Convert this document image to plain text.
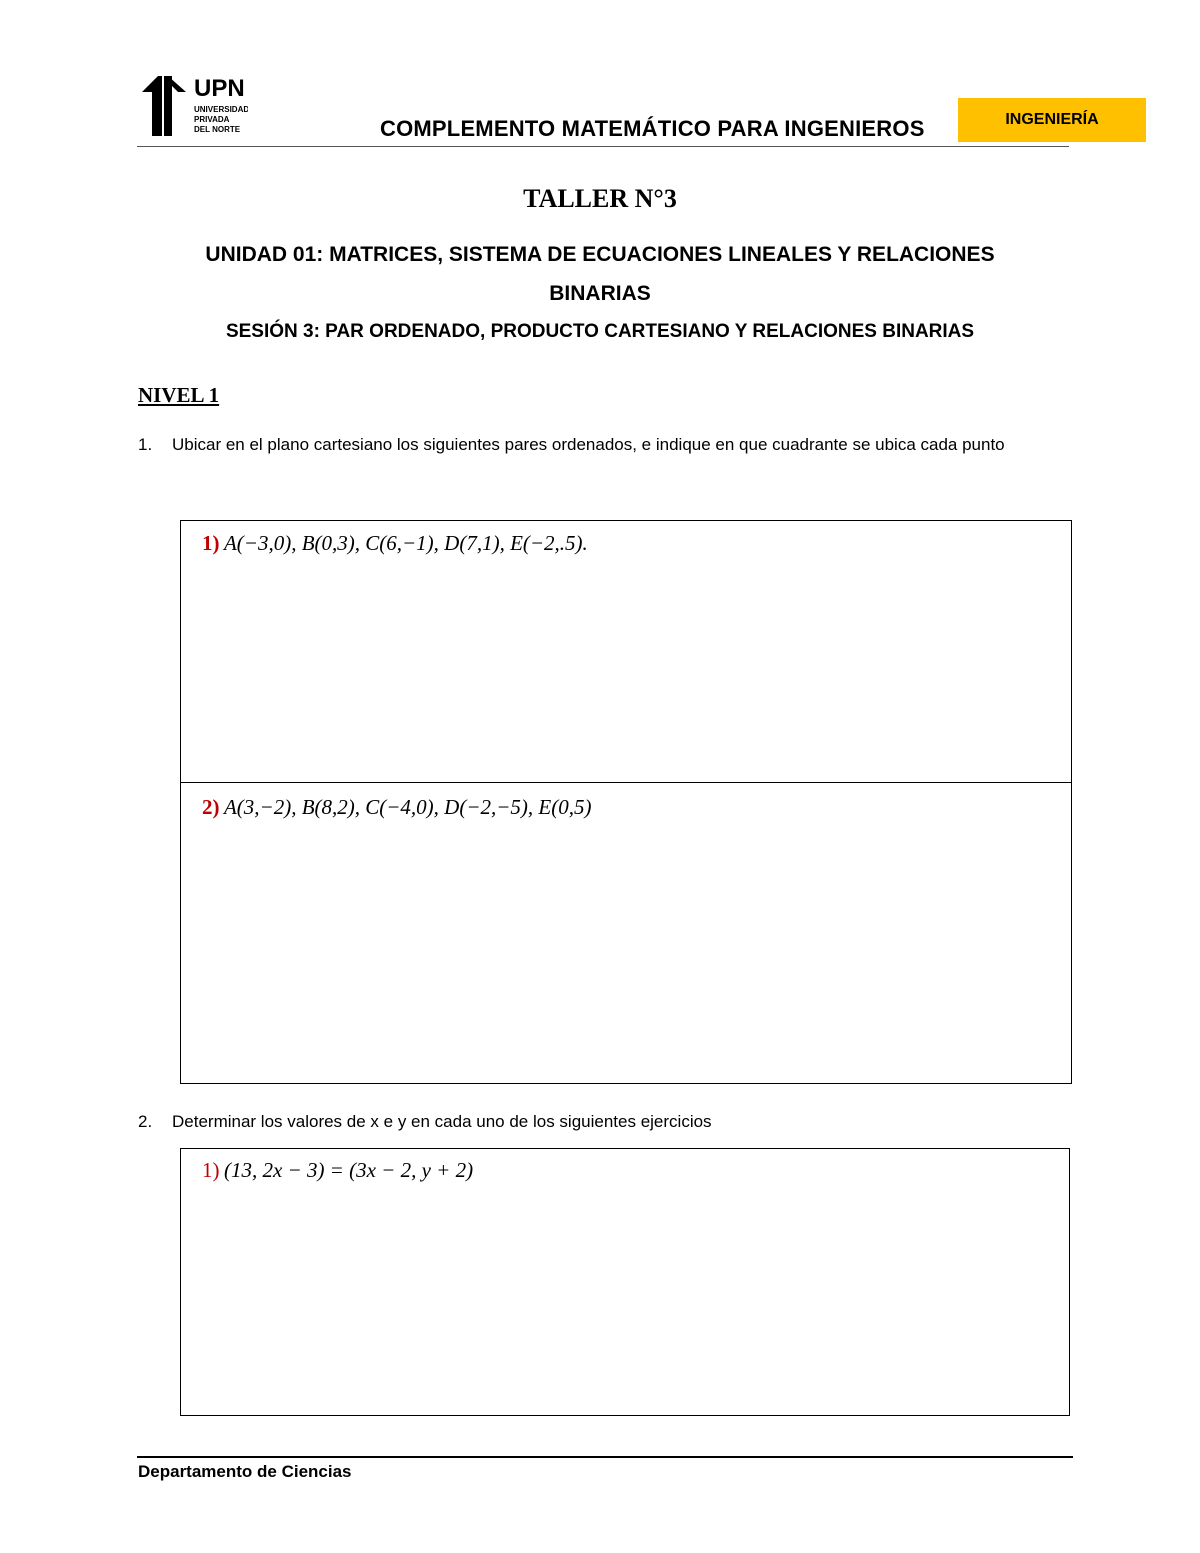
UPN
UNIVERSIDAD
PRIVADA
DEL NORTE	COMPLEMENTO MATEMÁTICO PARA INGENIEROS	INGENIERÍA
TALLER N°3
UNIDAD 01: MATRICES, SISTEMA DE ECUACIONES LINEALES Y RELACIONES
BINARIAS
SESIÓN 3: PAR ORDENADO, PRODUCTO CARTESIANO Y RELACIONES BINARIAS
NIVEL 1
1. Ubicar en el plano cartesiano los siguientes pares ordenados, e indique en que cuadrante se ubica cada punto
1) A(−3,0), B(0,3), C(6,−1), D(7,1), E(−2,.5).
2) A(3,−2), B(8,2), C(−4,0), D(−2,−5), E(0,5)
2. Determinar los valores de x e y en cada uno de los siguientes ejercicios
1) (13, 2x − 3) = (3x − 2, y + 2)
Departamento de Ciencias
